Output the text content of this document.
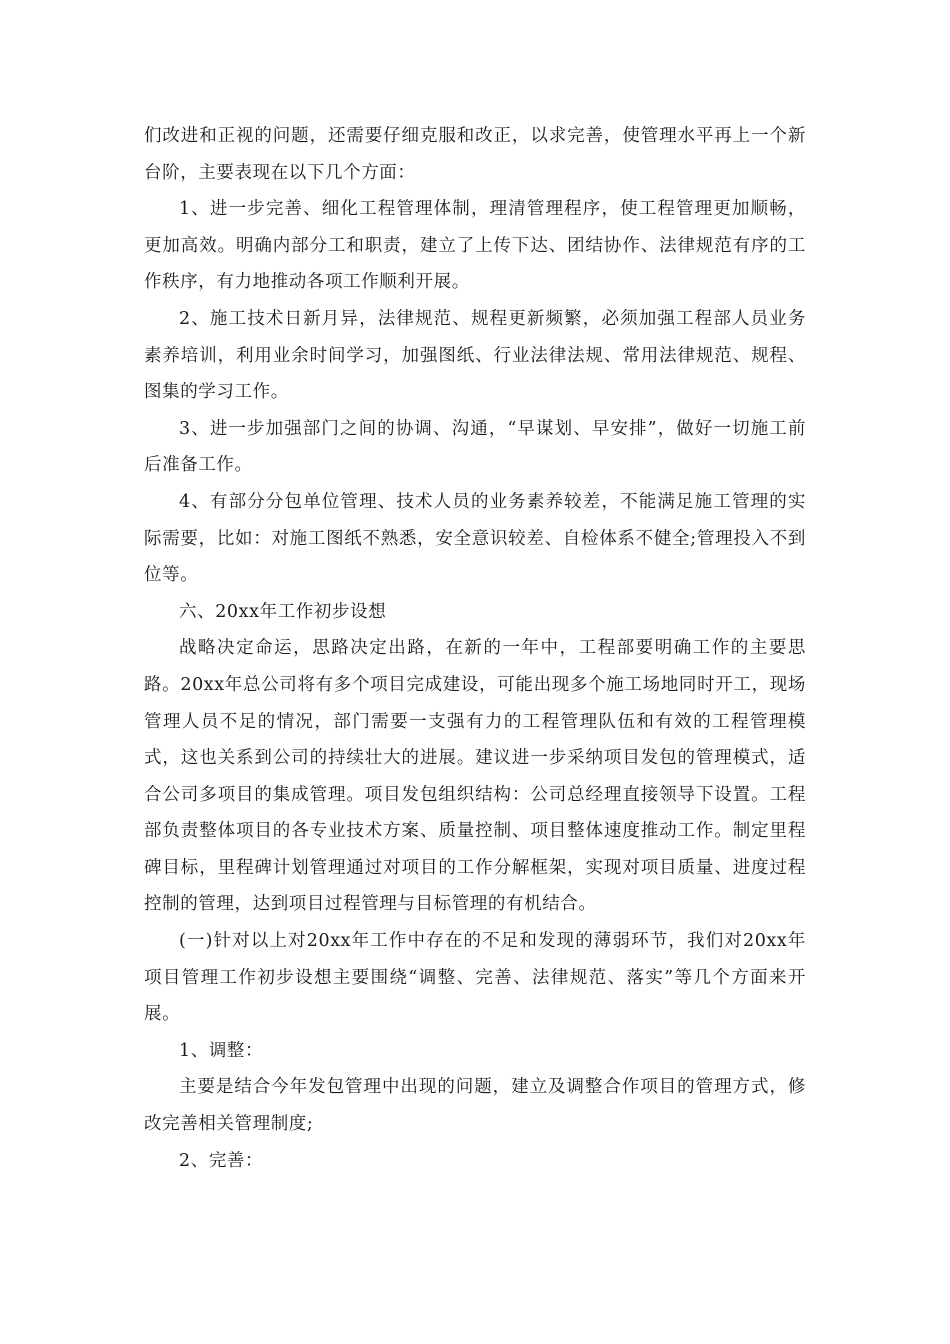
们改进和正视的问题，还需要仔细克服和改正，以求完善，使管理水平再上一个新台阶，主要表现在以下几个方面：

1、进一步完善、细化工程管理体制，理清管理程序，使工程管理更加顺畅，更加高效。明确内部分工和职责，建立了上传下达、团结协作、法律规范有序的工作秩序，有力地推动各项工作顺利开展。

2、施工技术日新月异，法律规范、规程更新频繁，必须加强工程部人员业务素养培训，利用业余时间学习，加强图纸、行业法律法规、常用法律规范、规程、图集的学习工作。

3、进一步加强部门之间的协调、沟通，“早谋划、早安排”，做好一切施工前后准备工作。

4、有部分分包单位管理、技术人员的业务素养较差，不能满足施工管理的实际需要，比如：对施工图纸不熟悉，安全意识较差、自检体系不健全;管理投入不到位等。

六、20xx年工作初步设想

战略决定命运，思路决定出路，在新的一年中，工程部要明确工作的主要思路。20xx年总公司将有多个项目完成建设，可能出现多个施工场地同时开工，现场管理人员不足的情况，部门需要一支强有力的工程管理队伍和有效的工程管理模式，这也关系到公司的持续壮大的进展。建议进一步采纳项目发包的管理模式，适合公司多项目的集成管理。项目发包组织结构：公司总经理直接领导下设置。工程部负责整体项目的各专业技术方案、质量控制、项目整体速度推动工作。制定里程碑目标，里程碑计划管理通过对项目的工作分解框架，实现对项目质量、进度过程控制的管理，达到项目过程管理与目标管理的有机结合。

(一)针对以上对20xx年工作中存在的不足和发现的薄弱环节，我们对20xx年项目管理工作初步设想主要围绕“调整、完善、法律规范、落实”等几个方面来开展。

1、调整：

主要是结合今年发包管理中出现的问题，建立及调整合作项目的管理方式，修改完善相关管理制度;

2、完善：
